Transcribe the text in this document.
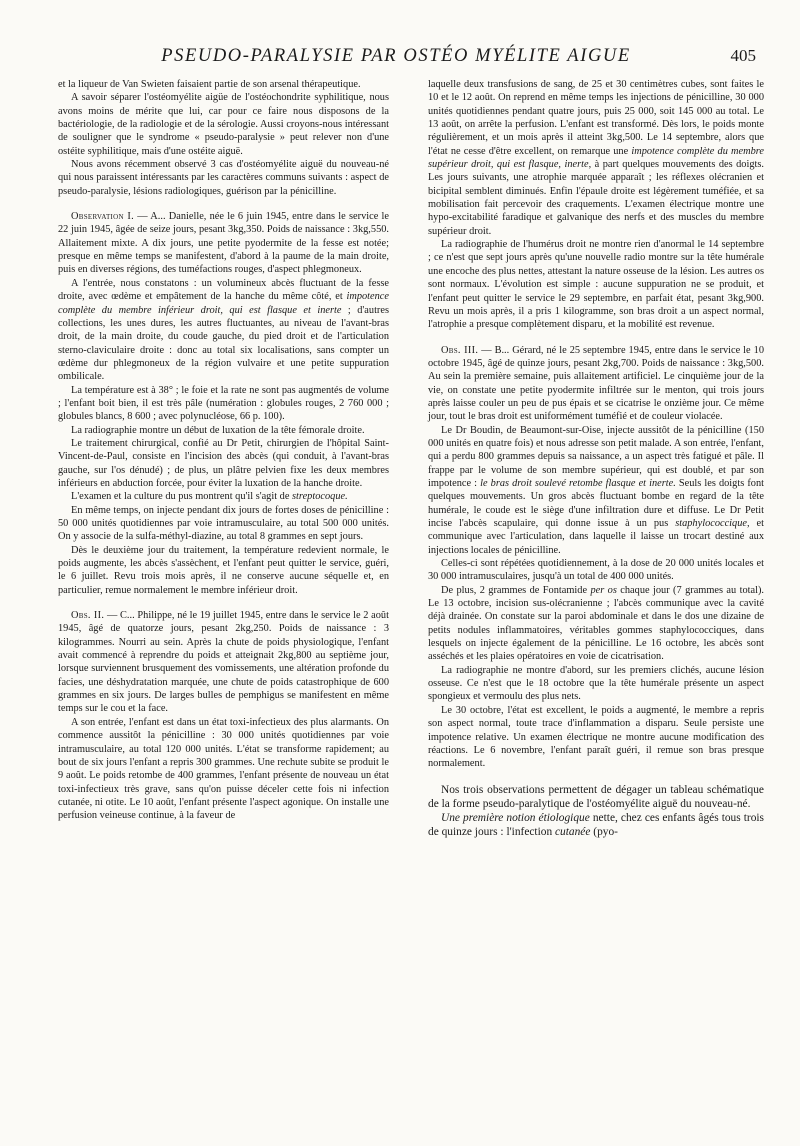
PSEUDO-PARALYSIE PAR OSTÉO MYÉLITE AIGUE	405

et la liqueur de Van Swieten faisaient partie de son arsenal thérapeutique.

A savoir séparer l'ostéomyélite aigüe de l'ostéochondrite syphilitique, nous avons moins de mérite que lui, car pour ce faire nous disposons de la bactériologie, de la radiologie et de la sérologie. Aussi croyons-nous intéressant de souligner que le syndrome « pseudo-paralysie » peut relever non d'une ostéite syphilitique, mais d'une ostéite aiguë.

Nous avons récemment observé 3 cas d'ostéomyélite aiguë du nouveau-né qui nous paraissent intéressants par les caractères communs suivants : aspect de pseudo-paralysie, lésions radiologiques, guérison par la pénicilline.

Observation I. — A... Danielle, née le 6 juin 1945, entre dans le service le 22 juin 1945, âgée de seize jours, pesant 3kg,350. Poids de naissance : 3kg,550. Allaitement mixte. A dix jours, une petite pyodermite de la fesse est notée; presque en même temps se manifestent, d'abord à la paume de la main droite, puis en diverses régions, des tuméfactions rouges, d'aspect phlegmoneux.

A l'entrée, nous constatons : un volumineux abcès fluctuant de la fesse droite, avec œdème et empâtement de la hanche du même côté, et impotence complète du membre inférieur droit, qui est flasque et inerte ; d'autres collections, les unes dures, les autres fluctuantes, au niveau de l'avant-bras droit, de la main droite, du coude gauche, du pied droit et de l'articulation sterno-claviculaire droite : donc au total six localisations, sans compter un œdème dur phlegmoneux de la région vulvaire et une petite suppuration ombilicale.

La température est à 38° ; le foie et la rate ne sont pas augmentés de volume ; l'enfant boit bien, il est très pâle (numération : globules rouges, 2 760 000 ; globules blancs, 8 600 ; avec polynucléose, 66 p. 100).

La radiographie montre un début de luxation de la tête fémorale droite.

Le traitement chirurgical, confié au Dr Petit, chirurgien de l'hôpital Saint-Vincent-de-Paul, consiste en l'incision des abcès (qui conduit, à l'avant-bras gauche, sur l'os dénudé) ; de plus, un plâtre pelvien fixe les deux membres inférieurs en abduction forcée, pour éviter la luxation de la hanche droite.

L'examen et la culture du pus montrent qu'il s'agit de streptocoque.

En même temps, on injecte pendant dix jours de fortes doses de pénicilline : 50 000 unités quotidiennes par voie intramusculaire, au total 500 000 unités. On y associe de la sulfa-méthyl-diazine, au total 8 grammes en sept jours.

Dès le deuxième jour du traitement, la température redevient normale, le poids augmente, les abcès s'assèchent, et l'enfant peut quitter le service, guéri, le 6 juillet. Revu trois mois après, il ne conserve aucune séquelle et, en particulier, remue normalement le membre inférieur droit.

Obs. II. — C... Philippe, né le 19 juillet 1945, entre dans le service le 2 août 1945, âgé de quatorze jours, pesant 2kg,250. Poids de naissance : 3 kilogrammes. Nourri au sein. Après la chute de poids physiologique, l'enfant avait commencé à reprendre du poids et atteignait 2kg,800 au septième jour, lorsque surviennent brusquement des vomissements, une altération profonde du facies, une déshydratation marquée, une chute de poids catastrophique de 600 grammes en six jours. De larges bulles de pemphigus se manifestent en même temps sur le cou et la face.

A son entrée, l'enfant est dans un état toxi-infectieux des plus alarmants. On commence aussitôt la pénicilline : 30 000 unités quotidiennes par voie intramusculaire, au total 120 000 unités. L'état se transforme rapidement; au bout de six jours l'enfant a repris 300 grammes. Une rechute subite se produit le 9 août. Le poids retombe de 400 grammes, l'enfant présente de nouveau un état toxi-infectieux très grave, sans qu'on puisse déceler cette fois ni infection cutanée, ni otite. Le 10 août, l'enfant présente l'aspect agonique. On installe une perfusion veineuse continue, à la faveur de

laquelle deux transfusions de sang, de 25 et 30 centimètres cubes, sont faites le 10 et le 12 août. On reprend en même temps les injections de pénicilline, 30 000 unités quotidiennes pendant quatre jours, puis 25 000, soit 145 000 au total. Le 13 août, on arrête la perfusion. L'enfant est transformé. Dès lors, le poids monte régulièrement, et un mois après il atteint 3kg,500. Le 14 septembre, alors que l'état ne cesse d'être excellent, on remarque une impotence complète du membre supérieur droit, qui est flasque, inerte, à part quelques mouvements des doigts. Les jours suivants, une atrophie marquée apparaît ; les réflexes olécranien et bicipital semblent diminués. Enfin l'épaule droite est légèrement tuméfiée, et sa mobilisation fait percevoir des craquements. L'examen électrique montre une hypo-excitabilité faradique et galvanique des nerfs et des muscles du membre supérieur droit.

La radiographie de l'humérus droit ne montre rien d'anormal le 14 septembre ; ce n'est que sept jours après qu'une nouvelle radio montre sur la tête humérale une encoche des plus nettes, attestant la nature osseuse de la lésion. Les autres os sont normaux. L'évolution est simple : aucune suppuration ne se produit, et l'enfant peut quitter le service le 29 septembre, en parfait état, pesant 3kg,900. Revu un mois après, il a pris 1 kilogramme, son bras droit a un aspect normal, l'atrophie a presque complètement disparu, et la mobilité est revenue.

Obs. III. — B... Gérard, né le 25 septembre 1945, entre dans le service le 10 octobre 1945, âgé de quinze jours, pesant 2kg,700. Poids de naissance : 3kg,500. Au sein la première semaine, puis allaitement artificiel. Le cinquième jour de la vie, on constate une petite pyodermite infiltrée sur le menton, qui trois jours après laisse couler un peu de pus épais et se cicatrise le onzième jour. Ce même jour, tout le bras droit est uniformément tuméfié et de couleur violacée.

Le Dr Boudin, de Beaumont-sur-Oise, injecte aussitôt de la pénicilline (150 000 unités en quatre fois) et nous adresse son petit malade. A son entrée, l'enfant, qui a perdu 800 grammes depuis sa naissance, a un aspect très fatigué et pâle. Il frappe par le volume de son membre supérieur, qui est doublé, et par son impotence : le bras droit soulevé retombe flasque et inerte. Seuls les doigts font quelques mouvements. Un gros abcès fluctuant bombe en regard de la tête humérale, le coude est le siège d'une infiltration dure et diffuse. Le Dr Petit incise l'abcès scapulaire, qui donne issue à un pus staphylococcique, et communique avec l'articulation, dans laquelle il laisse un trocart destiné aux injections locales de pénicilline.

Celles-ci sont répétées quotidiennement, à la dose de 20 000 unités locales et 30 000 intramusculaires, jusqu'à un total de 400 000 unités.

De plus, 2 grammes de Fontamide per os chaque jour (7 grammes au total). Le 13 octobre, incision sus-olécranienne ; l'abcès communique avec la cavité déjà drainée. On constate sur la paroi abdominale et dans le dos une dizaine de petits nodules inflammatoires, véritables gommes staphylococciques, dans lesquels on injecte également de la pénicilline. Le 16 octobre, les abcès sont asséchés et les plaies opératoires en voie de cicatrisation.

La radiographie ne montre d'abord, sur les premiers clichés, aucune lésion osseuse. Ce n'est que le 18 octobre que la tête humérale présente un aspect spongieux et vermoulu des plus nets.

Le 30 octobre, l'état est excellent, le poids a augmenté, le membre a repris son aspect normal, toute trace d'inflammation a disparu. Seule persiste une impotence relative. Un examen électrique ne montre aucune modification des réactions. Le 6 novembre, l'enfant paraît guéri, il remue son bras presque normalement.

Nos trois observations permettent de dégager un tableau schématique de la forme pseudo-paralytique de l'ostéomyélite aiguë du nouveau-né.

Une première notion étiologique nette, chez ces enfants âgés tous trois de quinze jours : l'infection cutanée (pyo-
